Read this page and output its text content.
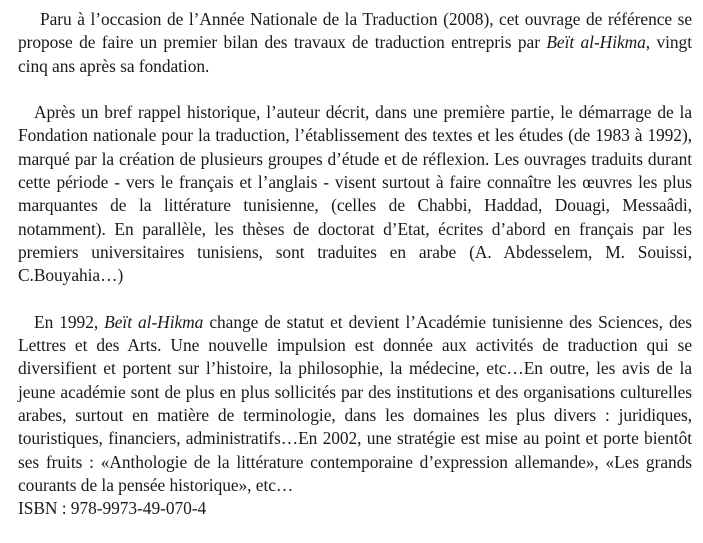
Paru à l’occasion de l’Année Nationale de la Traduction (2008), cet ouvrage de référence se propose de faire un premier bilan des travaux de traduction entrepris par Beït al-Hikma, vingt cinq ans après sa fondation.

Après un bref rappel historique, l’auteur décrit, dans une première partie, le démarrage de la Fondation nationale pour la traduction, l’établissement des textes et les études (de 1983 à 1992), marqué par la création de plusieurs groupes d’étude et de réflexion. Les ouvrages traduits durant cette période - vers le français et l’anglais - visent surtout à faire connaître les œuvres les plus marquantes de la littérature tunisienne, (celles de Chabbi, Haddad, Douagi, Messaâdi, notamment). En parallèle, les thèses de doctorat d’Etat, écrites d’abord en français par les premiers universitaires tunisiens, sont traduites en arabe (A. Abdesselem, M. Souissi, C.Bouyahia…)

En 1992, Beït al-Hikma change de statut et devient l’Académie tunisienne des Sciences, des Lettres et des Arts. Une nouvelle impulsion est donnée aux activités de traduction qui se diversifient et portent sur l’histoire, la philosophie, la médecine, etc…En outre, les avis de la jeune académie sont de plus en plus sollicités par des institutions et des organisations culturelles arabes, surtout en matière de terminologie, dans les domaines les plus divers : juridiques, touristiques, financiers, administratifs…En 2002, une stratégie est mise au point et porte bientôt ses fruits : «Anthologie de la littérature contemporaine d’expression allemande», «Les grands courants de la pensée historique», etc…

ISBN : 978-9973-49-070-4
